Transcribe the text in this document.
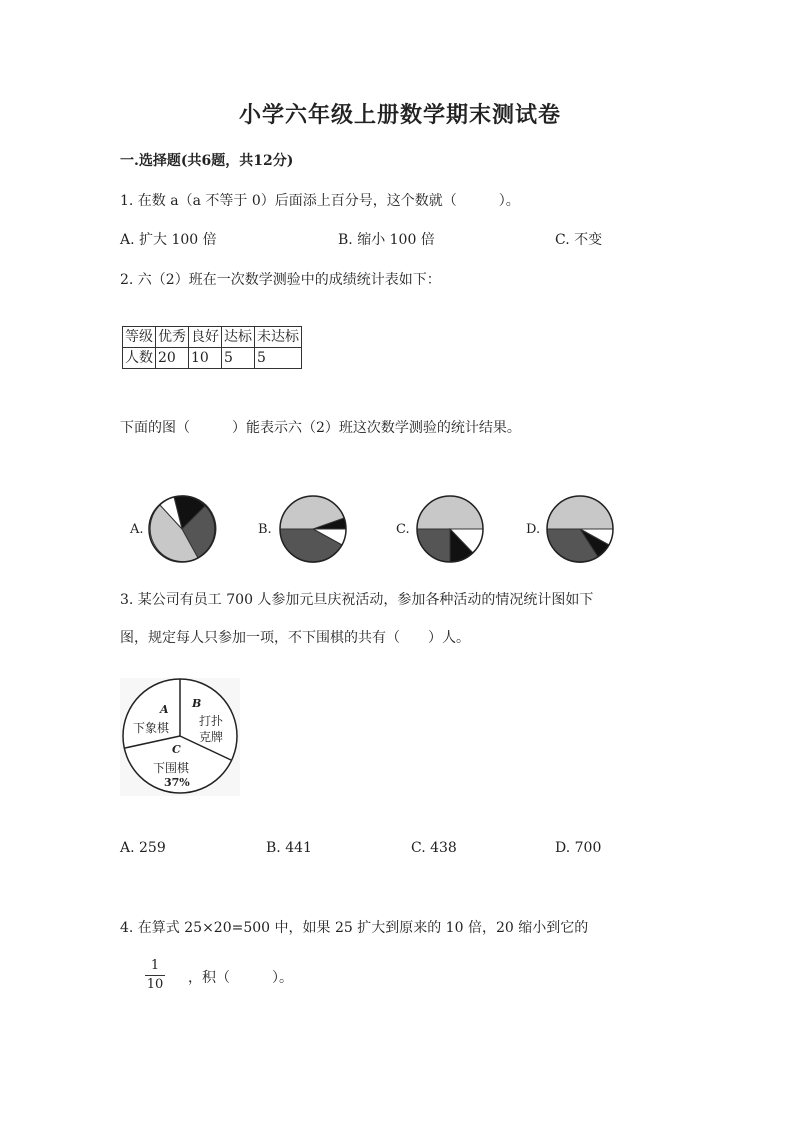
小学六年级上册数学期末测试卷
一.选择题(共6题，共12分)
1. 在数 a（a 不等于 0）后面添上百分号，这个数就（　　　）。
A. 扩大 100 倍	B. 缩小 100 倍	C. 不变
2. 六（2）班在一次数学测验中的成绩统计表如下：
等级	优秀	良好	达标	未达标
人数	20	10	5	5
下面的图（　　　）能表示六（2）班这次数学测验的统计结果。
A.	B.	C.	D.
3. 某公司有员工 700 人参加元旦庆祝活动，参加各种活动的情况统计图如下
图，规定每人只参加一项，不下围棋的共有（　　）人。
A
下象棋
B
打扑
克牌
C
下围棋
37%
A. 259	B. 441	C. 438	D. 700
4. 在算式 25×20=500 中，如果 25 扩大到原来的 10 倍，20 缩小到它的
1
10 ，积（　　　）。
